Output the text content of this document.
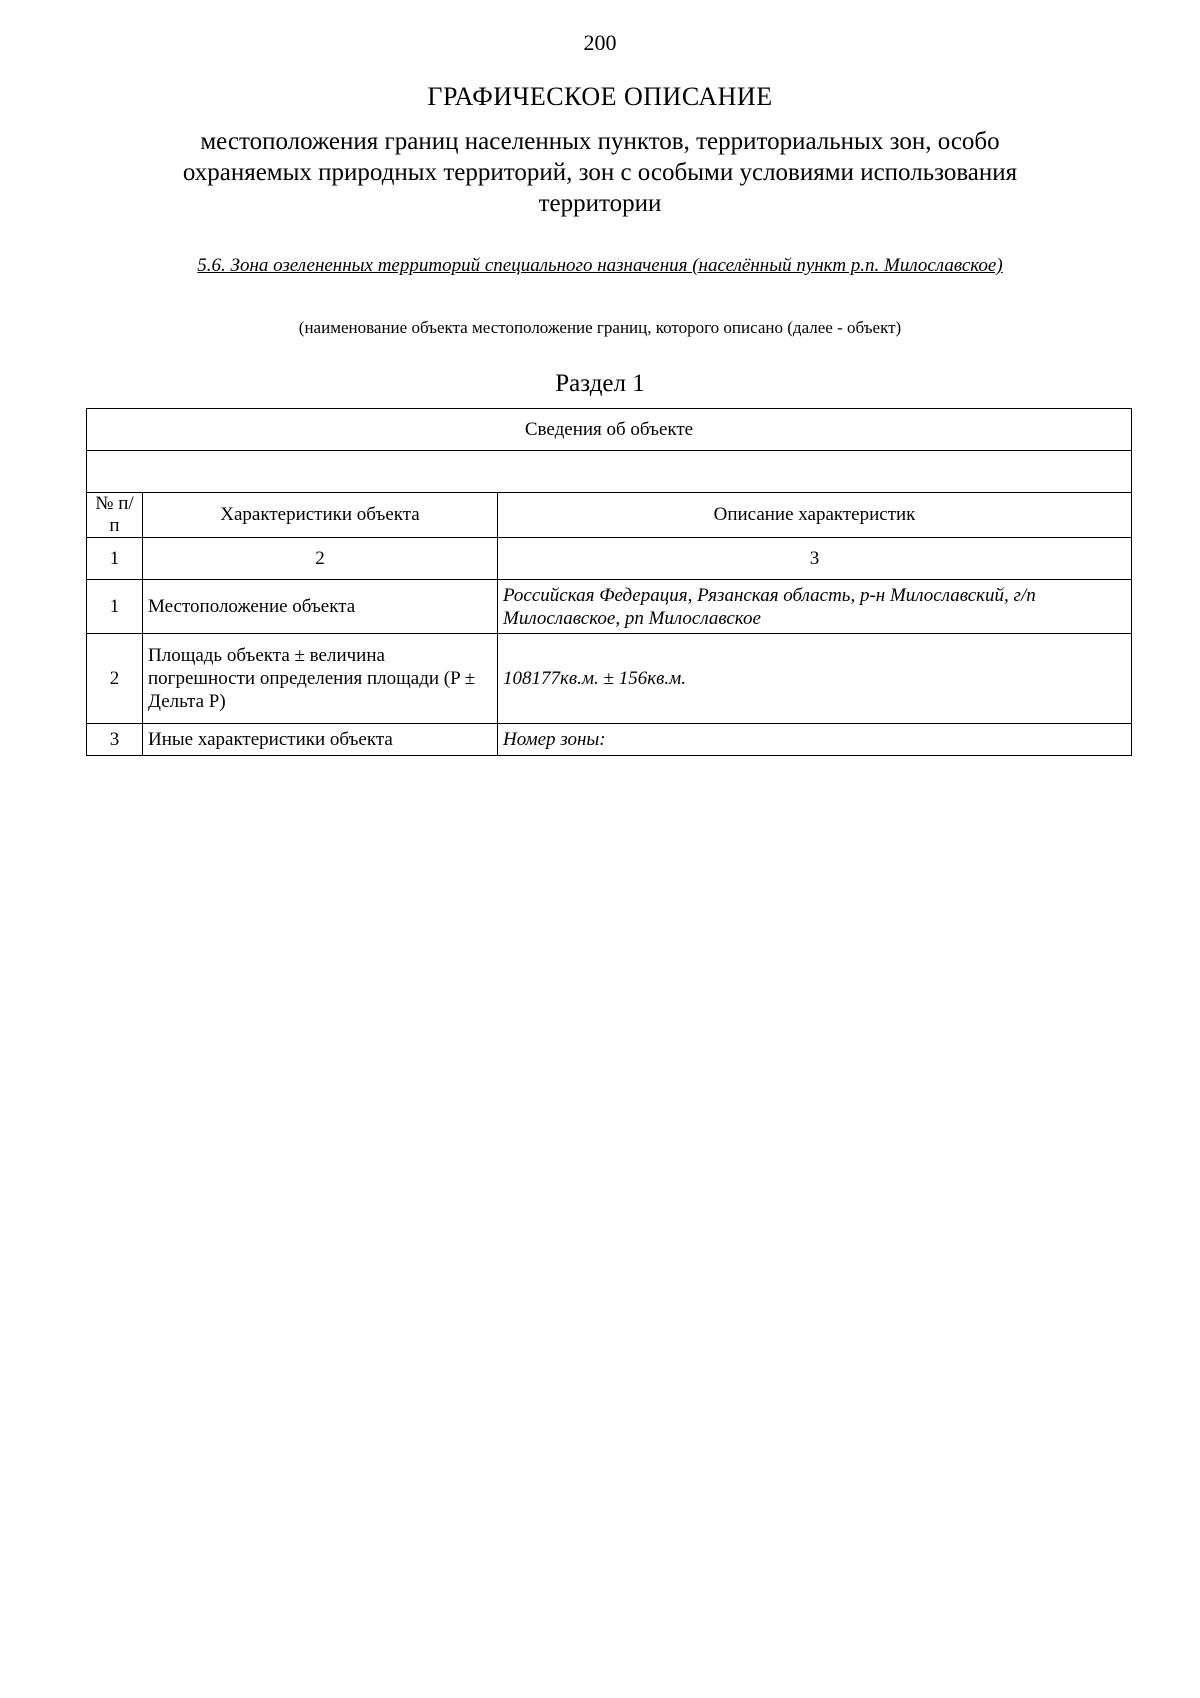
200
ГРАФИЧЕСКОЕ ОПИСАНИЕ
местоположения границ населенных пунктов, территориальных зон, особо охраняемых природных территорий, зон с особыми условиями использования территории
5.6. Зона озелененных территорий специального назначения (населённый пункт р.п. Милославское)
(наименование объекта местоположение границ, которого описано (далее - объект)
Раздел 1
Сведения об объекте		

№ п/п	Характеристики объекта	Описание характеристик
1	2	3
1	Местоположение объекта	Российская Федерация, Рязанская область, р-н Милославский, г/п Милославское, рп Милославское
2	Площадь объекта ± величина погрешности определения площади (P ± Дельта P)	108177кв.м. ± 156кв.м.
3	Иные характеристики объекта	Номер зоны:
